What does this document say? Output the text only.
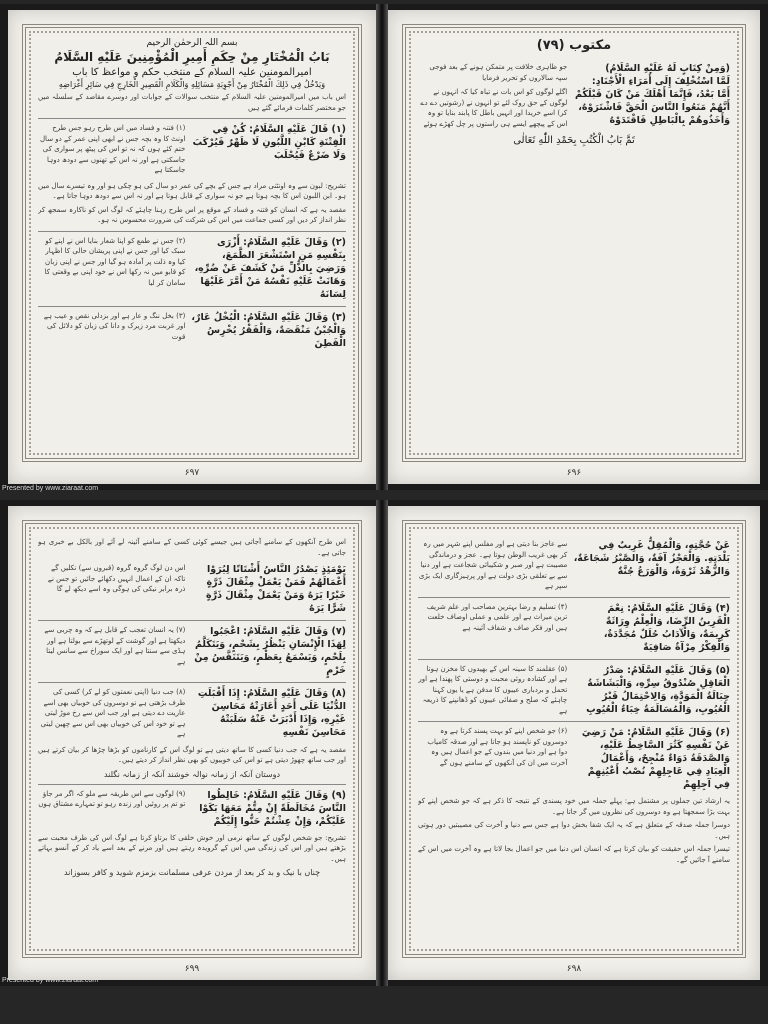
بسم اللہ الرحمٰن الرحیم
بَابُ الْمُخْتَارِ مِنْ حِكَمِ أَمِيرِ الْمُؤْمِنِينَ عَلَيْهِ السَّلَامُ
امیرالمومنین علیہ السلام کے منتخب حکم و مواعظ کا باب
وَيَدْخُلُ فِي ذَلِكَ الْمُخْتَارُ مِنْ أَجْوِبَةِ مَسَائِلِهِ وَالْكَلَامِ الْقَصِيرِ الْخَارِجِ فِي سَائِرِ أَغْرَاضِهِ
اس باب میں امیرالمومنین علیہ السلام کے منتخب سوالات کے جوابات اور دوسرے مقاصد کے سلسلہ میں جو مختصر کلمات فرمائے گئے ہیں
(۱) قَالَ عَلَيْهِ السَّلَامُ: كُنْ فِي الْفِتْنَةِ كَابْنِ اللَّبُونِ لَا ظَهْرٌ فَيُرْكَبَ وَلَا ضَرْعٌ فَيُحْلَبَ
(۱) فتنہ و فساد میں اس طرح رہو جس طرح اونٹ کا وہ بچہ جس نے ابھی اپنی عمر کے دو سال ختم کئے ہوں کہ نہ تو اس کی پیٹھ پر سواری کی جاسکتی ہے اور نہ اس کے تھنوں سے دودھ دوہا جاسکتا ہے
تشریح: لبون سے وہ اونٹنی مراد ہے جس کے بچے کی عمر دو سال کی ہو چکی ہو اور وہ تیسرے سال میں ہو۔ ابن اللبون اس کا بچہ ہوتا ہے جو نہ سواری کے قابل ہوتا ہے اور نہ اس سے دودھ دوہا جاتا ہے۔
مقصد یہ ہے کہ انسان کو فتنہ و فساد کے موقع پر اس طرح رہنا چاہئے کہ لوگ اس کو ناکارہ سمجھ کر نظر انداز کر دیں اور کسی جماعت میں اس کی شرکت کی ضرورت محسوس نہ ہو۔
(۲) وَقَالَ عَلَيْهِ السَّلَامُ: أَزْرَى بِنَفْسِهِ مَنِ اسْتَشْعَرَ الطَّمَعَ، وَرَضِيَ بِالذُّلِّ مَنْ كَشَفَ عَنْ ضُرِّهِ، وَهَانَتْ عَلَيْهِ نَفْسُهُ مَنْ أَمَّرَ عَلَيْهَا لِسَانَهُ
(۲) جس نے طمع کو اپنا شعار بنایا اس نے اپنے کو سبک کیا اور جس نے اپنی پریشان حالی کا اظہار کیا وہ ذلت پر آمادہ ہو گیا اور جس نے اپنی زبان کو قابو میں نہ رکھا اس نے خود اپنی بے وقعتی کا سامان کر لیا
(۳) وَقَالَ عَلَيْهِ السَّلَامُ: الْبُخْلُ عَارٌ، وَالْجُبْنُ مَنْقَصَةٌ، وَالْفَقْرُ يُخْرِسُ الْفَطِنَ
(۳) بخل ننگ و عار ہے اور بزدلی نقص و عیب ہے اور غربت مرد زیرک و دانا کی زبان کو دلائل کی قوت
۶۹۷
مکتوب (۷۹)
(وَمِنْ كِتَابٍ لَهُ عَلَيْهِ السَّلَامُ)
لَمَّا اسْتُخْلِفَ إِلَى أُمَرَاءِ الْأَجْنَادِ:
أَمَّا بَعْدُ، فَإِنَّمَا أَهْلَكَ مَنْ كَانَ قَبْلَكُمْ أَنَّهُمْ مَنَعُوا النَّاسَ الْحَقَّ فَاشْتَرَوْهُ، وَأَخَذُوهُمْ بِالْبَاطِلِ فَاقْتَدَوْهُ
جو ظاہری خلافت پر متمکن ہونے کے بعد فوجی سپہ سالاروں کو تحریر فرمایا
اگلے لوگوں کو اس بات نے تباہ کیا کہ انہوں نے لوگوں کے حق روک لئے تو انہوں نے (رشوتیں دے دے کر) اسے خریدا اور انہیں باطل کا پابند بنایا تو وہ اس کے پیچھے ایسے ہی راستوں پر چل کھڑے ہوئے
تَمَّ بَابُ الْكُتُبِ بِحَمْدِ اللّٰهِ تَعَالٰى
۶۹۶
Presented by www.ziaraat.com
اس طرح آنکھوں کے سامنے آجاتی ہیں جیسے کوئی کسی کے سامنے آئینہ لے آئے اور بالکل بے خبری ہو جاتی ہے۔
يَوْمَئِذٍ يَصْدُرُ النَّاسُ أَشْتَاتًا لِيُرَوْا أَعْمَالَهُمْ فَمَنْ يَعْمَلْ مِثْقَالَ ذَرَّةٍ خَيْرًا يَرَهُ وَمَنْ يَعْمَلْ مِثْقَالَ ذَرَّةٍ شَرًّا يَرَهُ
اس دن لوگ گروہ گروہ (قبروں سے) نکلیں گے تاکہ ان کے اعمال انہیں دکھائے جائیں تو جس نے ذرہ برابر نیکی کی ہوگی وہ اسے دیکھ لے گا
(۷) وَقَالَ عَلَيْهِ السَّلَامُ: اعْجَبُوا لِهَذَا الْإِنْسَانِ يَنْظُرُ بِشَحْمٍ، وَيَتَكَلَّمُ بِلَحْمٍ، وَيَسْمَعُ بِعَظْمٍ، وَيَتَنَفَّسُ مِنْ خَرْمٍ
(۷) یہ انسان تعجب کے قابل ہے کہ وہ چربی سے دیکھتا ہے اور گوشت کے لوتھڑے سے بولتا ہے اور ہڈی سے سنتا ہے اور ایک سوراخ سے سانس لیتا ہے
(۸) وَقَالَ عَلَيْهِ السَّلَامُ: إِذَا أَقْبَلَتِ الدُّنْيَا عَلَى أَحَدٍ أَعَارَتْهُ مَحَاسِنَ غَيْرِهِ، وَإِذَا أَدْبَرَتْ عَنْهُ سَلَبَتْهُ مَحَاسِنَ نَفْسِهِ
(۸) جب دنیا (اپنی نعمتوں کو لے کر) کسی کی طرف بڑھتی ہے تو دوسروں کی خوبیاں بھی اسے عاریت دے دیتی ہے اور جب اس سے رخ موڑ لیتی ہے تو خود اس کی خوبیاں بھی اس سے چھین لیتی ہے
مقصد یہ ہے کہ جب دنیا کسی کا ساتھ دیتی ہے تو لوگ اس کے کارناموں کو بڑھا چڑھا کر بیان کرتے ہیں اور جب ساتھ چھوڑ دیتی ہے تو اس کی خوبیوں کو بھی نظر انداز کر دیتے ہیں۔
دوستان آنکہ از زمانہ نوالہ خوشند آنکہ از زمانہ نگلند
(۹) وَقَالَ عَلَيْهِ السَّلَامُ: خَالِطُوا النَّاسَ مُخَالَطَةً إِنْ مِتُّمْ مَعَهَا بَكَوْا عَلَيْكُمْ، وَإِنْ عِشْتُمْ حَنُّوا إِلَيْكُمْ
(۹) لوگوں سے اس طریقہ سے ملو کہ اگر مر جاؤ تو تم پر روئیں اور زندہ رہو تو تمہارے مشتاق ہوں
تشریح: جو شخص لوگوں کے ساتھ نرمی اور خوش خلقی کا برتاؤ کرتا ہے لوگ اس کی طرف محبت سے بڑھتے ہیں اور اس کی زندگی میں اس کے گرویدہ رہتے ہیں اور مرنے کے بعد اسے یاد کر کے آنسو بہاتے ہیں۔
چناں با نیک و بد کر بعد از مردن عرفی مسلمانت بزمزم شوید و کافر بسوزاند
۶۹۹
عَنْ حُجَّتِهِ، وَالْمُقِلُّ غَرِيبٌ فِي بَلْدَتِهِ. وَالْعَجْزُ آفَةٌ، وَالصَّبْرُ شَجَاعَةٌ، وَالزُّهْدُ ثَرْوَةٌ، وَالْوَرَعُ جُنَّةٌ
سے عاجز بنا دیتی ہے اور مفلس اپنے شہر میں رہ کر بھی غریب الوطن ہوتا ہے۔ عجز و درماندگی مصیبت ہے اور صبر و شکیبائی شجاعت ہے اور دنیا سے بے تعلقی بڑی دولت ہے اور پرہیزگاری ایک بڑی سپر ہے
(۴) وَقَالَ عَلَيْهِ السَّلَامُ: نِعْمَ الْقَرِينُ الرِّضَا، وَالْعِلْمُ وِرَاثَةٌ كَرِيمَةٌ، وَالْآدَابُ حُلَلٌ مُجَدَّدَةٌ، وَالْفِكْرُ مِرْآةٌ صَافِيَةٌ
(۴) تسلیم و رضا بہترین مصاحب اور علم شریف ترین میراث ہے اور علمی و عملی اوصاف خلعت ہیں اور فکر صاف و شفاف آئینہ ہے
(۵) وَقَالَ عَلَيْهِ السَّلَامُ: صَدْرُ الْعَاقِلِ صُنْدُوقُ سِرِّهِ، وَالْبَشَاشَةُ حِبَالَةُ الْمَوَدَّةِ، وَالِاحْتِمَالُ قَبْرُ الْعُيُوبِ، وَالْمُسَالَمَةُ خِبَاءُ الْعُيُوبِ
(۵) عقلمند کا سینہ اس کے بھیدوں کا مخزن ہوتا ہے اور کشادہ روئی محبت و دوستی کا پھندا ہے اور تحمل و بردباری عیبوں کا مدفن ہے یا یوں کہنا چاہئے کہ صلح و صفائی عیبوں کو ڈھانپنے کا ذریعہ ہے
(۶) وَقَالَ عَلَيْهِ السَّلَامُ: مَنْ رَضِيَ عَنْ نَفْسِهِ كَثُرَ السَّاخِطُ عَلَيْهِ، وَالصَّدَقَةُ دَوَاءٌ مُنْجِحٌ، وَأَعْمَالُ الْعِبَادِ فِي عَاجِلِهِمْ نُصْبُ أَعْيُنِهِمْ فِي آجِلِهِمْ
(۶) جو شخص اپنے کو بہت پسند کرتا ہے وہ دوسروں کو ناپسند ہو جاتا ہے اور صدقہ کامیاب دوا ہے اور دنیا میں بندوں کے جو اعمال ہیں وہ آخرت میں ان کی آنکھوں کے سامنے ہوں گے
یہ ارشاد تین جملوں پر مشتمل ہے: پہلے جملہ میں خود پسندی کے نتیجہ کا ذکر ہے کہ جو شخص اپنے کو بہت بڑا سمجھتا ہے وہ دوسروں کی نظروں میں گر جاتا ہے۔
دوسرا جملہ صدقہ کے متعلق ہے کہ یہ ایک شفا بخش دوا ہے جس سے دنیا و آخرت کی مصیبتیں دور ہوتی ہیں۔
تیسرا جملہ اس حقیقت کو بیان کرتا ہے کہ انسان اس دنیا میں جو اعمال بجا لاتا ہے وہ آخرت میں اس کے سامنے آ جائیں گے۔
۶۹۸
Presented by www.ziaraat.com
